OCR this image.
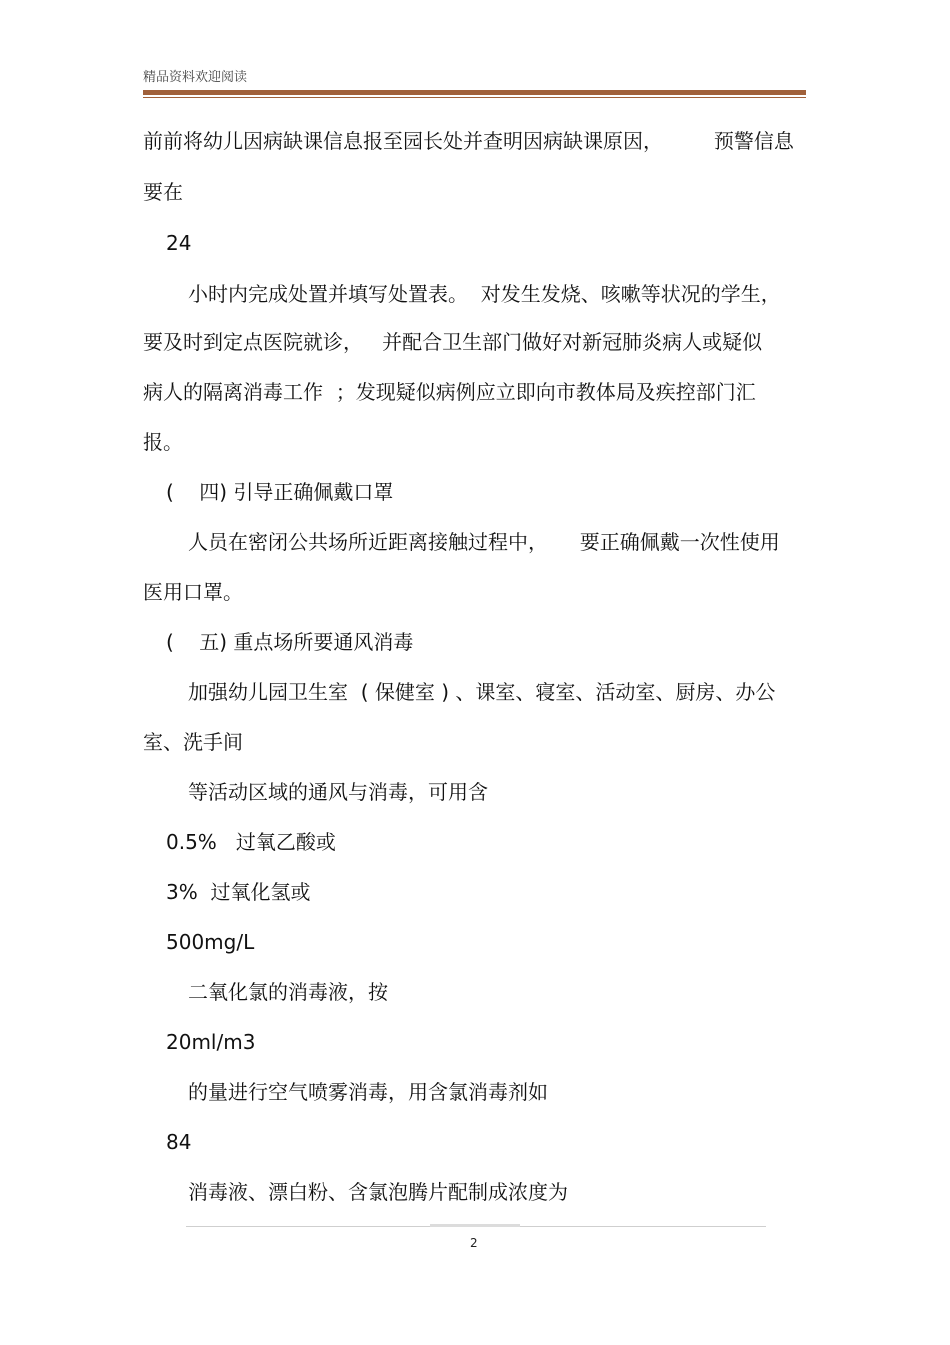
精品资料欢迎阅读
前前将幼儿因病缺课信息报至园长处并查明因病缺课原因，        预警信息
要在
24
小时内完成处置并填写处置表。  对发生发烧、咳嗽等状况的学生，
要及时到定点医院就诊，   并配合卫生部门做好对新冠肺炎病人或疑似
病人的隔离消毒工作  ；发现疑似病例应立即向市教体局及疾控部门汇
报。
(    四) 引导正确佩戴口罩
人员在密闭公共场所近距离接触过程中，     要正确佩戴一次性使用
医用口罩。
(    五) 重点场所要通风消毒
加强幼儿园卫生室  ( 保健室 ) 、课室、寝室、活动室、厨房、办公
室、洗手间
等活动区域的通风与消毒，可用含
0.5%   过氧乙酸或
3%  过氧化氢或
500mg/L
二氧化氯的消毒液，按
20ml/m3
的量进行空气喷雾消毒，用含氯消毒剂如
84
消毒液、漂白粉、含氯泡腾片配制成浓度为
2
